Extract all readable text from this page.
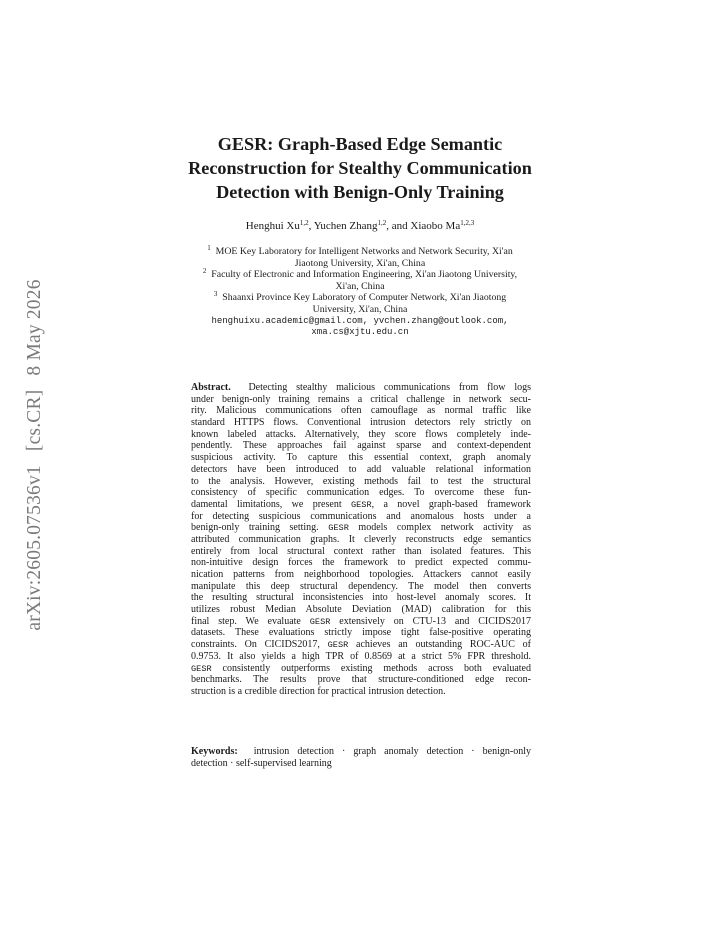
arXiv:2605.07536v1[cs.CR]8 May 2026
GESR: Graph-Based Edge Semantic
Reconstruction for Stealthy Communication
Detection with Benign-Only Training
Henghui Xu$^{1,2}$, Yuchen Zhang$^{1,2}$, and Xiaobo Ma$^{1,2,3}$
$^1$ MOE Key Laboratory for Intelligent Networks and Network Security, Xi'an
Jiaotong University, Xi'an, China
$^2$ Faculty of Electronic and Information Engineering, Xi'an Jiaotong University,
Xi'an, China
$^3$ Shaanxi Province Key Laboratory of Computer Network, Xi'an Jiaotong
University, Xi'an, China
henghuixu.academic@gmail.com, yvchen.zhang@outlook.com,
xma.cs@xjtu.edu.cn
Abstract. Detecting stealthy malicious communications from flow logs
under benign-only training remains a critical challenge in network secu-
rity. Malicious communications often camouflage as normal traffic like
standard HTTPS flows. Conventional intrusion detectors rely strictly on
known labeled attacks. Alternatively, they score flows completely inde-
pendently. These approaches fail against sparse and context-dependent
suspicious activity. To capture this essential context, graph anomaly
detectors have been introduced to add valuable relational information
to the analysis. However, existing methods fail to test the structural
consistency of specific communication edges. To overcome these fun-
damental limitations, we present GESR, a novel graph-based framework
for detecting suspicious communications and anomalous hosts under a
benign-only training setting. GESR models complex network activity as
attributed communication graphs. It cleverly reconstructs edge semantics
entirely from local structural context rather than isolated features. This
non-intuitive design forces the framework to predict expected commu-
nication patterns from neighborhood topologies. Attackers cannot easily
manipulate this deep structural dependency. The model then converts
the resulting structural inconsistencies into host-level anomaly scores. It
utilizes robust Median Absolute Deviation (MAD) calibration for this
final step. We evaluate GESR extensively on CTU-13 and CICIDS2017
datasets. These evaluations strictly impose tight false-positive operating
constraints. On CICIDS2017, GESR achieves an outstanding ROC-AUC of
0.9753. It also yields a high TPR of 0.8569 at a strict 5% FPR threshold.
GESR consistently outperforms existing methods across both evaluated
benchmarks. The results prove that structure-conditioned edge recon-
struction is a credible direction for practical intrusion detection.
Keywords: intrusion detection · graph anomaly detection · benign-only
detection · self-supervised learning
